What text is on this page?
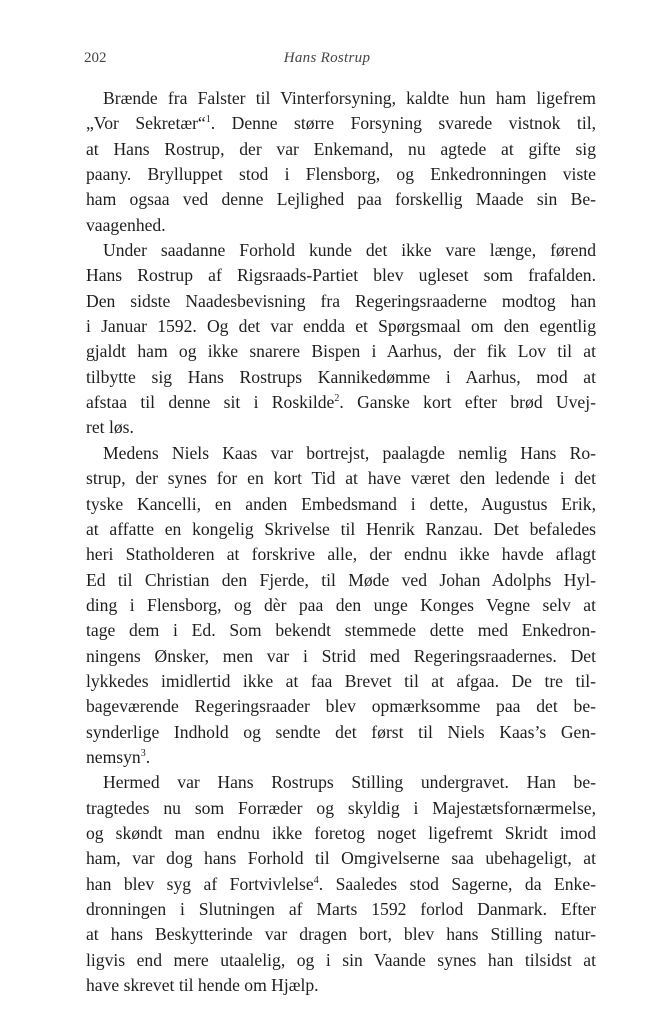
202	Hans Rostrup
Brænde fra Falster til Vinterforsyning, kaldte hun ham ligefrem
„Vor Sekretær“$^1$. Denne større Forsyning svarede vistnok til,
at Hans Rostrup, der var Enkemand, nu agtede at gifte sig
paany. Brylluppet stod i Flensborg, og Enkedronningen viste
ham ogsaa ved denne Lejlighed paa forskellig Maade sin Be-
vaagenhed.
Under saadanne Forhold kunde det ikke vare længe, førend
Hans Rostrup af Rigsraads-Partiet blev ugleset som frafalden.
Den sidste Naadesbevisning fra Regeringsraaderne modtog han
i Januar 1592. Og det var endda et Spørgsmaal om den egentlig
gjaldt ham og ikke snarere Bispen i Aarhus, der fik Lov til at
tilbytte sig Hans Rostrups Kannikedømme i Aarhus, mod at
afstaa til denne sit i Roskilde$^2$. Ganske kort efter brød Uvej-
ret løs.
Medens Niels Kaas var bortrejst, paalagde nemlig Hans Ro-
strup, der synes for en kort Tid at have været den ledende i det
tyske Kancelli, en anden Embedsmand i dette, Augustus Erik,
at affatte en kongelig Skrivelse til Henrik Ranzau. Det befaledes
heri Statholderen at forskrive alle, der endnu ikke havde aflagt
Ed til Christian den Fjerde, til Møde ved Johan Adolphs Hyl-
ding i Flensborg, og dèr paa den unge Konges Vegne selv at
tage dem i Ed. Som bekendt stemmede dette med Enkedron-
ningens Ønsker, men var i Strid med Regeringsraadernes. Det
lykkedes imidlertid ikke at faa Brevet til at afgaa. De tre til-
bageværende Regeringsraader blev opmærksomme paa det be-
synderlige Indhold og sendte det først til Niels Kaas’s Gen-
nemsyn$^3$.
Hermed var Hans Rostrups Stilling undergravet. Han be-
tragtedes nu som Forræder og skyldig i Majestætsfornærmelse,
og skøndt man endnu ikke foretog noget ligefremt Skridt imod
ham, var dog hans Forhold til Omgivelserne saa ubehageligt, at
han blev syg af Fortvivlelse$^4$. Saaledes stod Sagerne, da Enke-
dronningen i Slutningen af Marts 1592 forlod Danmark. Efter
at hans Beskytterinde var dragen bort, blev hans Stilling natur-
ligvis end mere utaalelig, og i sin Vaande synes han tilsidst at
have skrevet til hende om Hjælp.
